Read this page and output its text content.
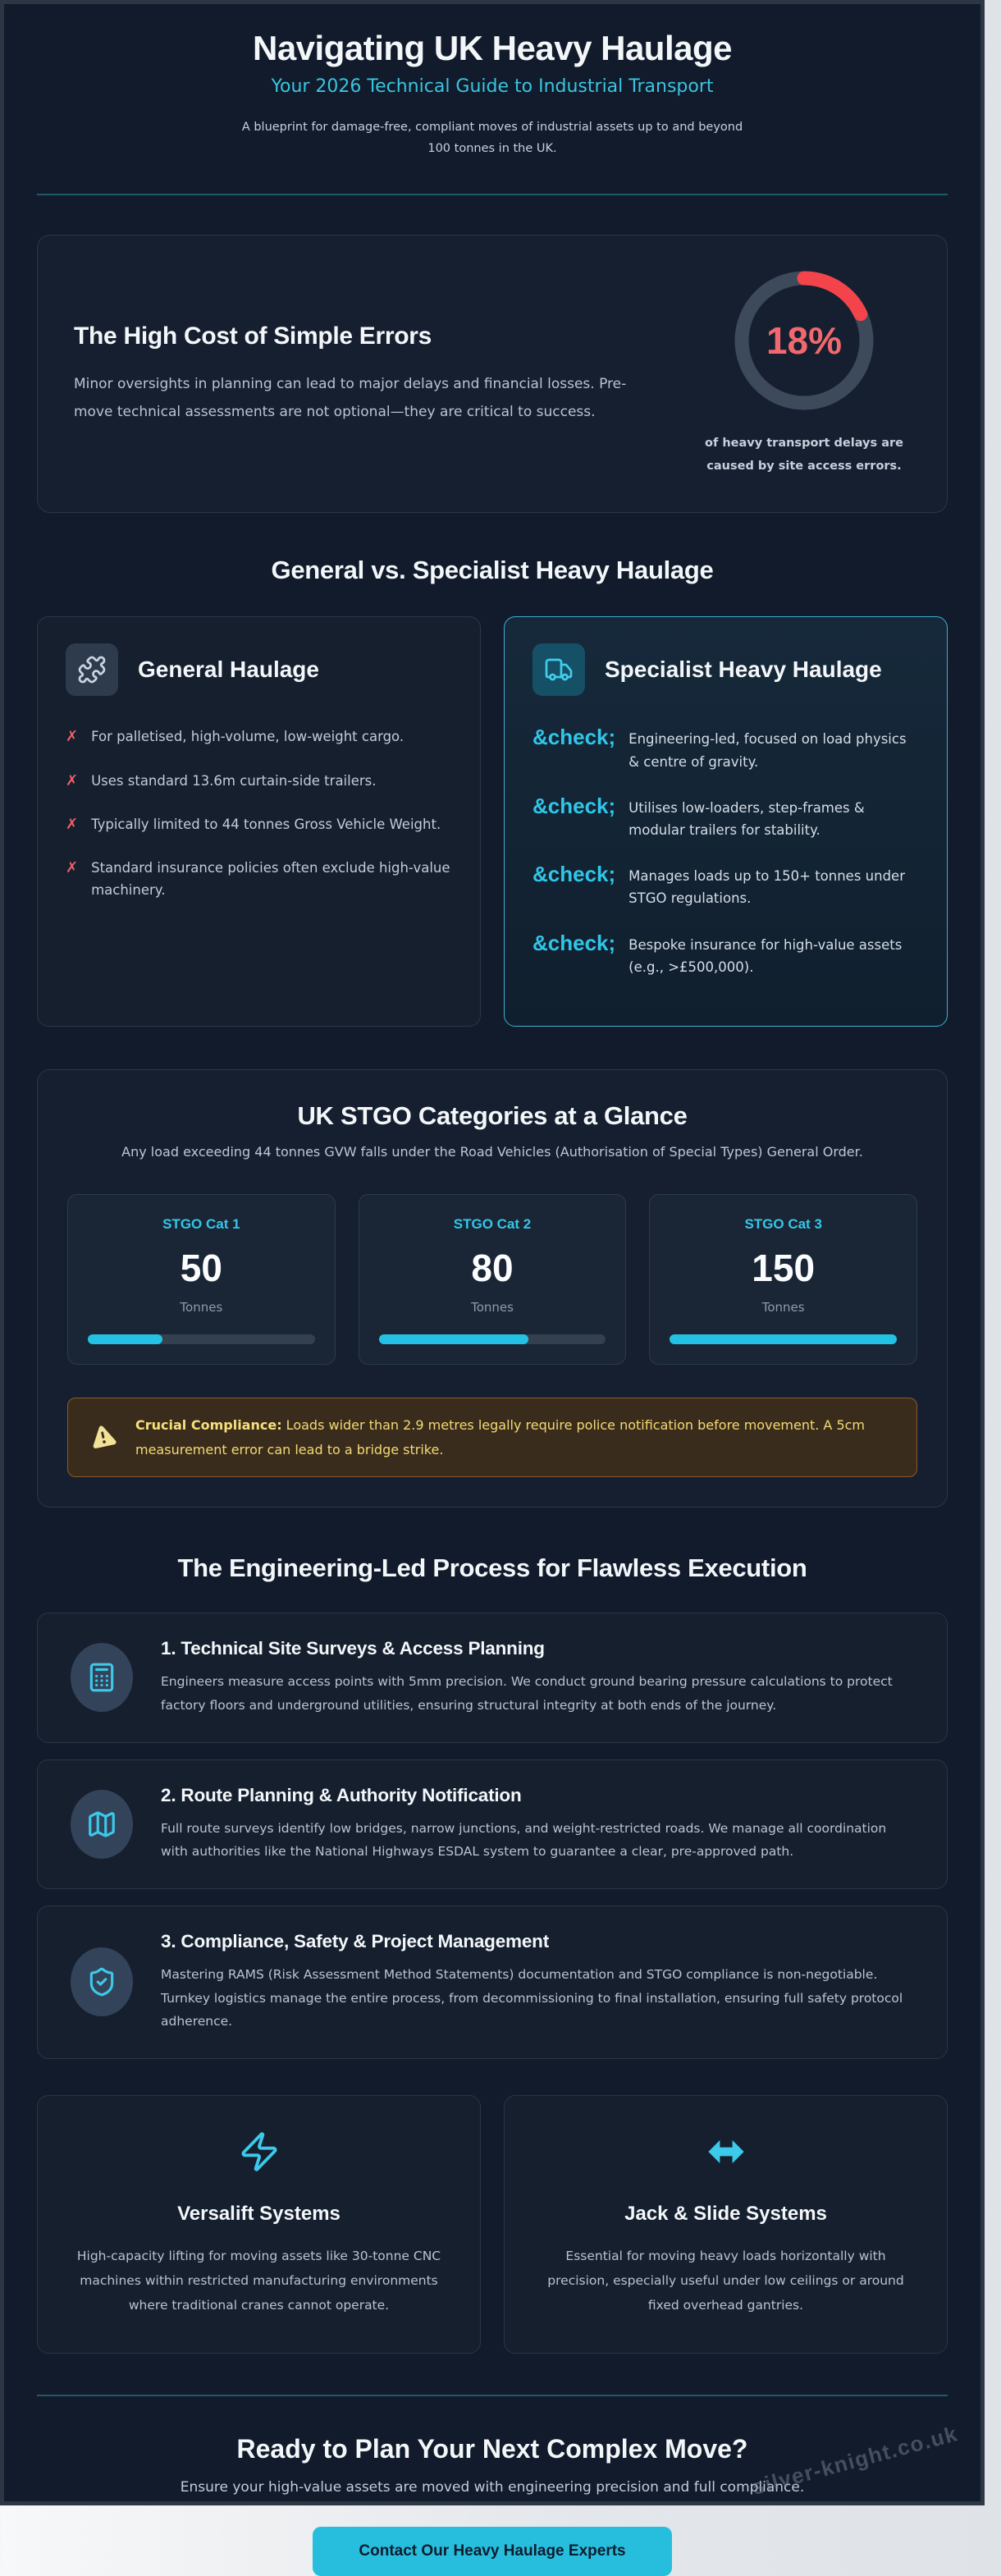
Navigating UK Heavy Haulage
Your 2026 Technical Guide to Industrial Transport

A blueprint for damage-free, compliant moves of industrial assets up to and beyond 100 tonnes in the UK.

The High Cost of Simple Errors

Minor oversights in planning can lead to major delays and financial losses. Pre-move technical assessments are not optional—they are critical to success.

18%
of heavy transport delays are caused by site access errors.
General vs. Specialist Heavy Haulage
General Haulage
✗ For palletised, high-volume, low-weight cargo.
✗ Uses standard 13.6m curtain-side trailers.
✗ Typically limited to 44 tonnes Gross Vehicle Weight.
✗ Standard insurance policies often exclude high-value machinery.
Specialist Heavy Haulage
&check; Engineering-led, focused on load physics & centre of gravity.
&check; Utilises low-loaders, step-frames & modular trailers for stability.
&check; Manages loads up to 150+ tonnes under STGO regulations.
&check; Bespoke insurance for high-value assets (e.g., >£500,000).
UK STGO Categories at a Glance
Any load exceeding 44 tonnes GVW falls under the Road Vehicles (Authorisation of Special Types) General Order.
STGO Cat 1
50
Tonnes
STGO Cat 2
80
Tonnes
STGO Cat 3
150
Tonnes
Crucial Compliance: Loads wider than 2.9 metres legally require police notification before movement. A 5cm measurement error can lead to a bridge strike.
The Engineering-Led Process for Flawless Execution
1. Technical Site Surveys & Access Planning

Engineers measure access points with 5mm precision. We conduct ground bearing pressure calculations to protect factory floors and underground utilities, ensuring structural integrity at both ends of the journey.

2. Route Planning & Authority Notification

Full route surveys identify low bridges, narrow junctions, and weight-restricted roads. We manage all coordination with authorities like the National Highways ESDAL system to guarantee a clear, pre-approved path.

3. Compliance, Safety & Project Management

Mastering RAMS (Risk Assessment Method Statements) documentation and STGO compliance is non-negotiable. Turnkey logistics manage the entire process, from decommissioning to final installation, ensuring full safety protocol adherence.

Versalift Systems

High-capacity lifting for moving assets like 30-tonne CNC machines within restricted manufacturing environments where traditional cranes cannot operate.

Jack & Slide Systems

Essential for moving heavy loads horizontally with precision, especially useful under low ceilings or around fixed overhead gantries.

Ready to Plan Your Next Complex Move?
Ensure your high-value assets are moved with engineering precision and full compliance.
Contact Our Heavy Haulage Experts
silver-knight.co.uk
